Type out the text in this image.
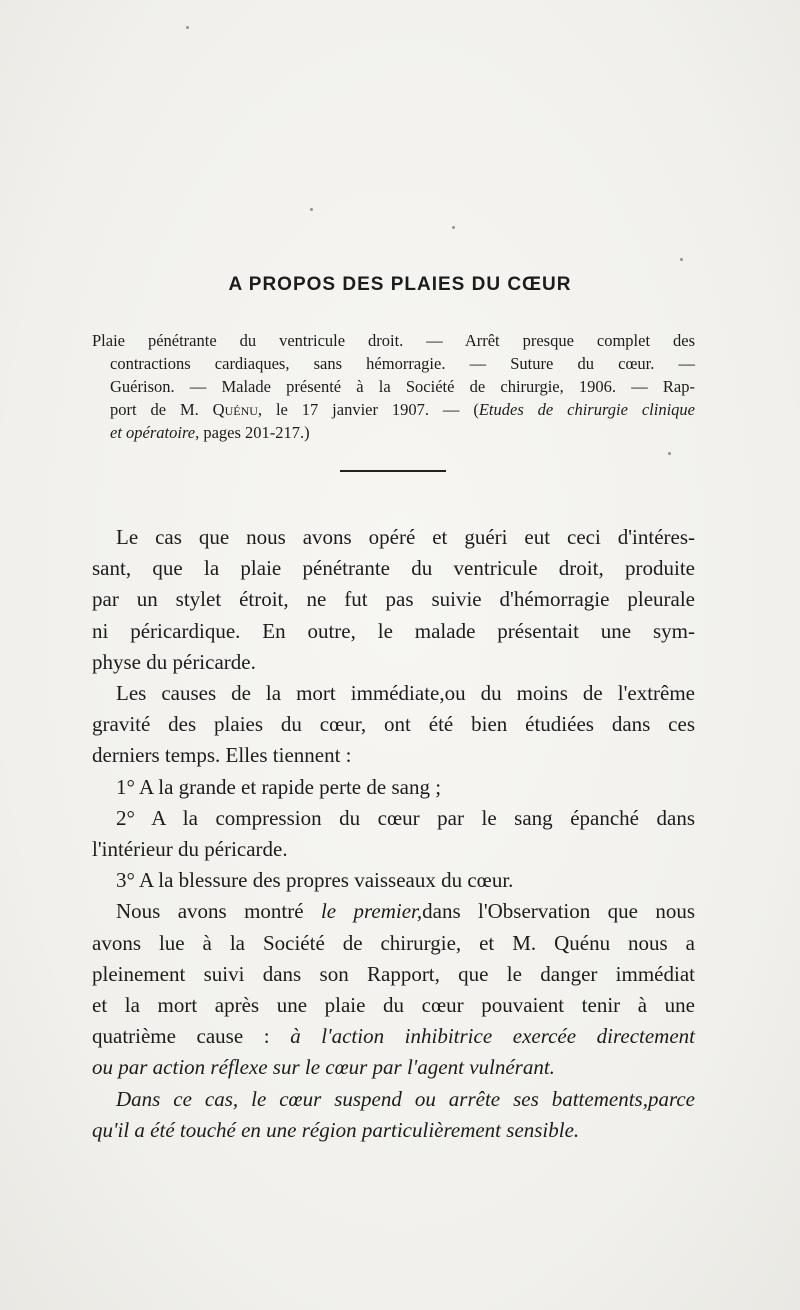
A PROPOS DES PLAIES DU CŒUR
Plaie pénétrante du ventricule droit. — Arrêt presque complet des
contractions cardiaques, sans hémorragie. — Suture du cœur. —
Guérison. — Malade présenté à la Société de chirurgie, 1906. — Rap-
port de M. Quénu, le 17 janvier 1907. — (Etudes de chirurgie clinique
et opératoire, pages 201-217.)
Le cas que nous avons opéré et guéri eut ceci d'intéres-
sant, que la plaie pénétrante du ventricule droit, produite
par un stylet étroit, ne fut pas suivie d'hémorragie pleurale
ni péricardique. En outre, le malade présentait une sym-
physe du péricarde.
Les causes de la mort immédiate,ou du moins de l'extrême
gravité des plaies du cœur, ont été bien étudiées dans ces
derniers temps. Elles tiennent :
1° A la grande et rapide perte de sang ;
2° A la compression du cœur par le sang épanché dans
l'intérieur du péricarde.
3° A la blessure des propres vaisseaux du cœur.
Nous avons montré le premier,dans l'Observation que nous
avons lue à la Société de chirurgie, et M. Quénu nous a
pleinement suivi dans son Rapport, que le danger immédiat
et la mort après une plaie du cœur pouvaient tenir à une
quatrième cause : à l'action inhibitrice exercée directement
ou par action réflexe sur le cœur par l'agent vulnérant.
Dans ce cas, le cœur suspend ou arrête ses battements,parce
qu'il a été touché en une région particulièrement sensible.
